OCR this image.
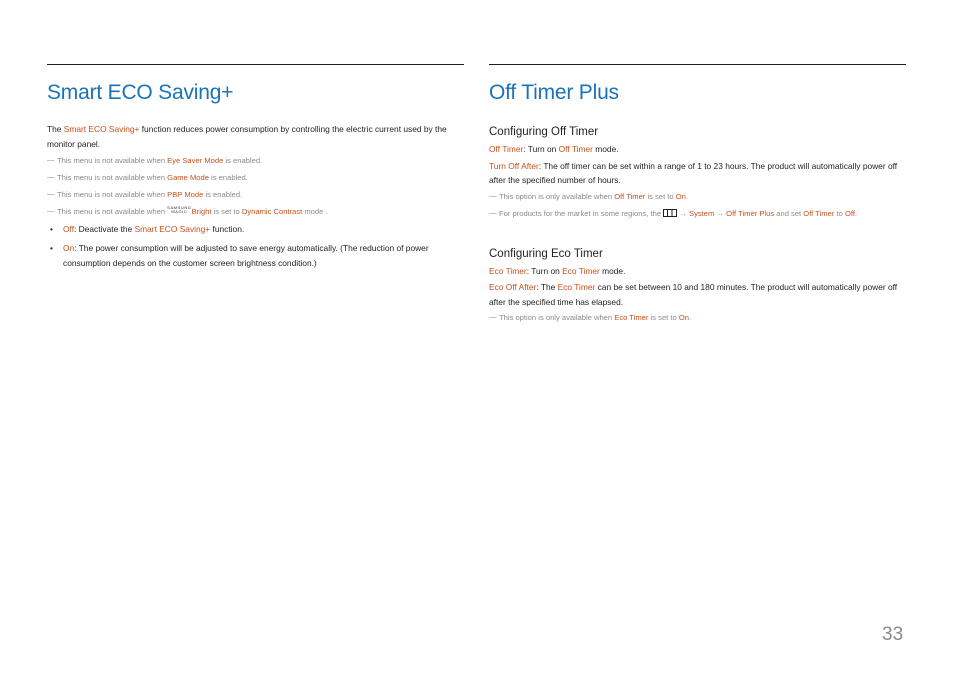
Smart ECO Saving+

The Smart ECO Saving+ function reduces power consumption by controlling the electric current used by the monitor panel.

― This menu is not available when Eye Saver Mode is enabled.
― This menu is not available when Game Mode is enabled.
― This menu is not available when PBP Mode is enabled.
― This menu is not available when SAMSUNG
MAGIC Bright is set to Dynamic Contrast mode .
• Off: Deactivate the Smart ECO Saving+ function.
• On: The power consumption will be adjusted to save energy automatically. (The reduction of power consumption depends on the customer screen brightness condition.)
Off Timer Plus
Configuring Off Timer

Off Timer: Turn on Off Timer mode.

Turn Off After: The off timer can be set within a range of 1 to 23 hours. The product will automatically power off after the specified number of hours.

― This option is only available when Off Timer is set to On.
― For products for the market in some regions, the  → System → Off Timer Plus and set Off Timer to Off.
Configuring Eco Timer

Eco Timer: Turn on Eco Timer mode.

Eco Off After: The Eco Timer can be set between 10 and 180 minutes. The product will automatically power off after the specified time has elapsed.

― This option is only available when Eco Timer is set to On.
33
